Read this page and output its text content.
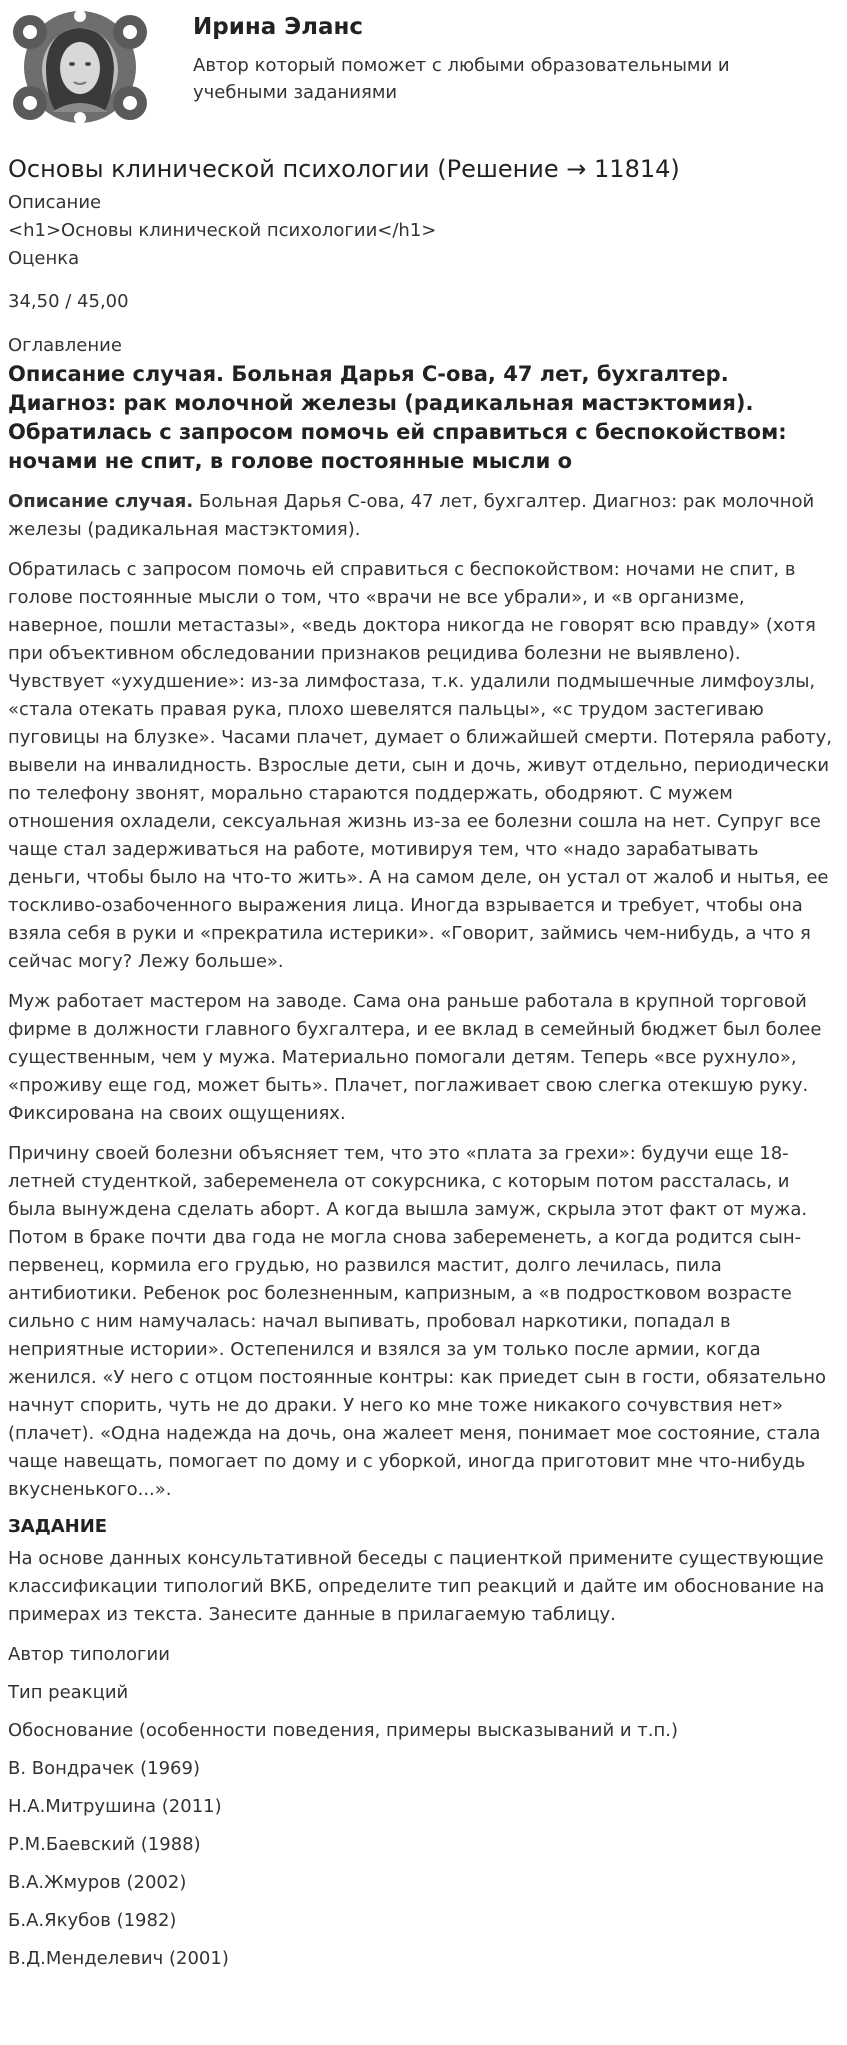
Ирина Эланс
Автор который поможет с любыми образовательными и учебными заданиями
Основы клинической психологии (Решение → 11814)
Описание
<h1>Основы клинической психологии</h1>
Оценка
34,50 / 45,00
Оглавление
Описание случая. Больная Дарья С-ова, 47 лет, бухгалтер. Диагноз: рак молочной железы (радикальная мастэктомия). Обратилась с запросом помочь ей справиться с беспокойством: ночами не спит, в голове постоянные мысли о

Описание случая. Больная Дарья С-ова, 47 лет, бухгалтер. Диагноз: рак молочной железы (радикальная мастэктомия).

Обратилась с запросом помочь ей справиться с беспокойством: ночами не спит, в голове постоянные мысли о том, что «врачи не все убрали», и «в организме, наверное, пошли метастазы», «ведь доктора никогда не говорят всю правду» (хотя при объективном обследовании признаков рецидива болезни не выявлено). Чувствует «ухудшение»: из-за лимфостаза, т.к. удалили подмышечные лимфоузлы, «стала отекать правая рука, плохо шевелятся пальцы», «с трудом застегиваю пуговицы на блузке». Часами плачет, думает о ближайшей смерти. Потеряла работу, вывели на инвалидность. Взрослые дети, сын и дочь, живут отдельно, периодически по телефону звонят, морально стараются поддержать, ободряют. С мужем отношения охладели, сексуальная жизнь из-за ее болезни сошла на нет. Супруг все чаще стал задерживаться на работе, мотивируя тем, что «надо зарабатывать деньги, чтобы было на что-то жить». А на самом деле, он устал от жалоб и нытья, ее тоскливо-озабоченного выражения лица. Иногда взрывается и требует, чтобы она взяла себя в руки и «прекратила истерики». «Говорит, займись чем-нибудь, а что я сейчас могу? Лежу больше».

Муж работает мастером на заводе. Сама она раньше работала в крупной торговой фирме в должности главного бухгалтера, и ее вклад в семейный бюджет был более существенным, чем у мужа. Материально помогали детям. Теперь «все рухнуло», «проживу еще год, может быть». Плачет, поглаживает свою слегка отекшую руку. Фиксирована на своих ощущениях.

Причину своей болезни объясняет тем, что это «плата за грехи»: будучи еще 18-летней студенткой, забеременела от сокурсника, с которым потом рассталась, и была вынуждена сделать аборт. А когда вышла замуж, скрыла этот факт от мужа. Потом в браке почти два года не могла снова забеременеть, а когда родится сын-первенец, кормила его грудью, но развился мастит, долго лечилась, пила антибиотики. Ребенок рос болезненным, капризным, а «в подростковом возрасте сильно с ним намучалась: начал выпивать, пробовал наркотики, попадал в неприятные истории». Остепенился и взялся за ум только после армии, когда женился. «У него с отцом постоянные контры: как приедет сын в гости, обязательно начнут спорить, чуть не до драки. У него ко мне тоже никакого сочувствия нет» (плачет). «Одна надежда на дочь, она жалеет меня, понимает мое состояние, стала чаще навещать, помогает по дому и с уборкой, иногда приготовит мне что-нибудь вкусненького...».

ЗАДАНИЕ

На основе данных консультативной беседы с пациенткой примените существующие классификации типологий ВКБ, определите тип реакций и дайте им обоснование на примерах из текста. Занесите данные в прилагаемую таблицу.

Автор типологии
Тип реакций
Обоснование (особенности поведения, примеры высказываний и т.п.)
В. Вондрачек (1969)
Н.А.Митрушина (2011)
Р.М.Баевский (1988)
В.А.Жмуров (2002)
Б.А.Якубов (1982)
В.Д.Менделевич (2001)
